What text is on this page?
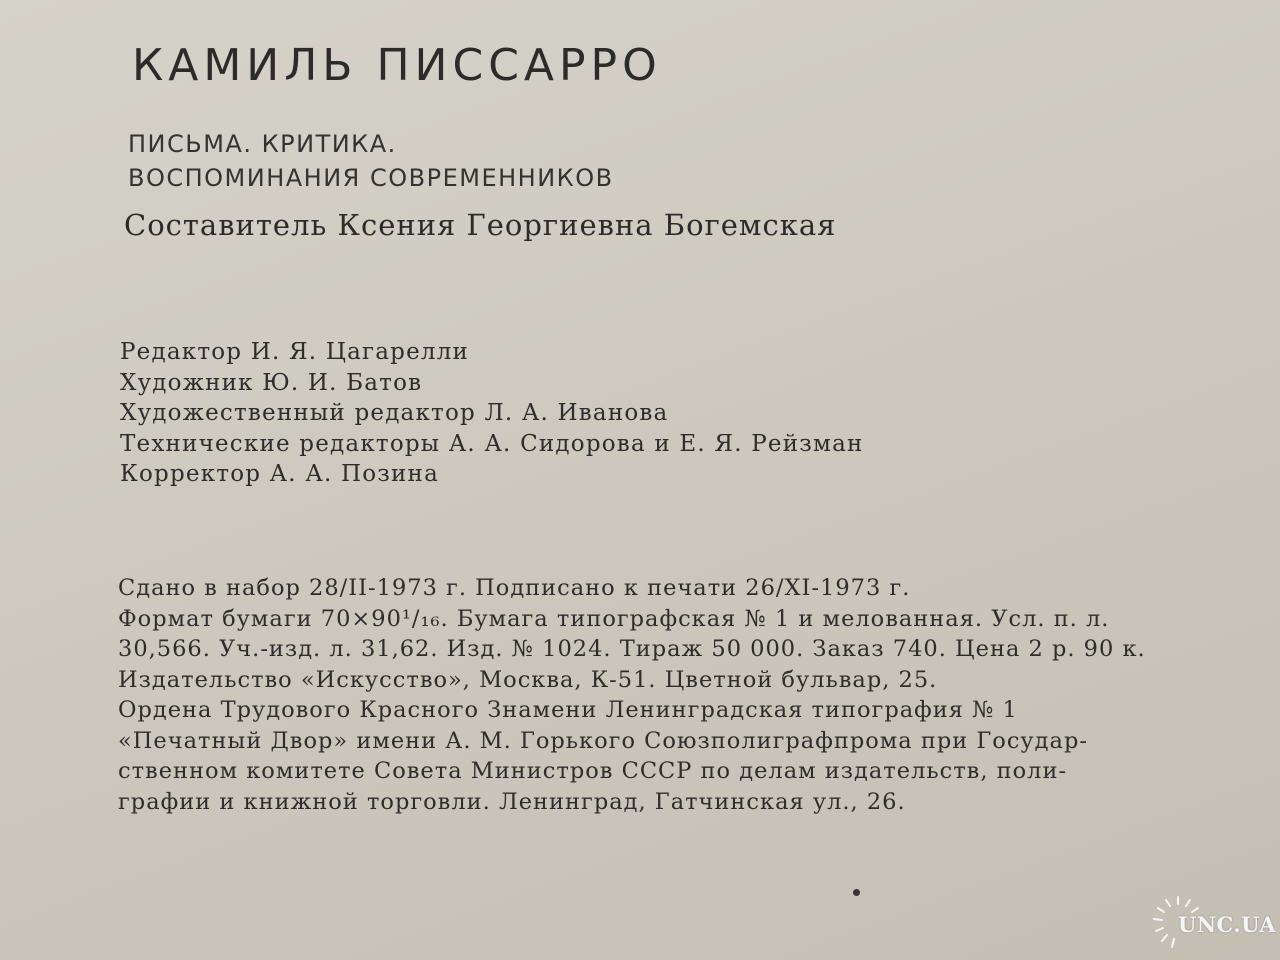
КАМИЛЬ ПИССАРРО
ПИСЬМА. КРИТИКА.
ВОСПОМИНАНИЯ СОВРЕМЕННИКОВ
Составитель Ксения Георгиевна Богемская
Редактор И. Я. Цагарелли
Художник Ю. И. Батов
Художественный редактор Л. А. Иванова
Технические редакторы А. А. Сидорова и Е. Я. Рейзман
Корректор А. А. Позина
Сдано в набор 28/II-1973 г. Подписано к печати 26/XI-1973 г.
Формат бумаги 70×90¹/₁₆. Бумага типографская № 1 и мелованная. Усл. п. л.
30,566. Уч.-изд. л. 31,62. Изд. № 1024. Тираж 50 000. Заказ 740. Цена 2 р. 90 к.
Издательство «Искусство», Москва, К-51. Цветной бульвар, 25.
Ордена Трудового Красного Знамени Ленинградская типография № 1
«Печатный Двор» имени А. М. Горького Союзполиграфпрома при Государ-
ственном комитете Совета Министров СССР по делам издательств, поли-
графии и книжной торговли. Ленинград, Гатчинская ул., 26.
UNC.UA
